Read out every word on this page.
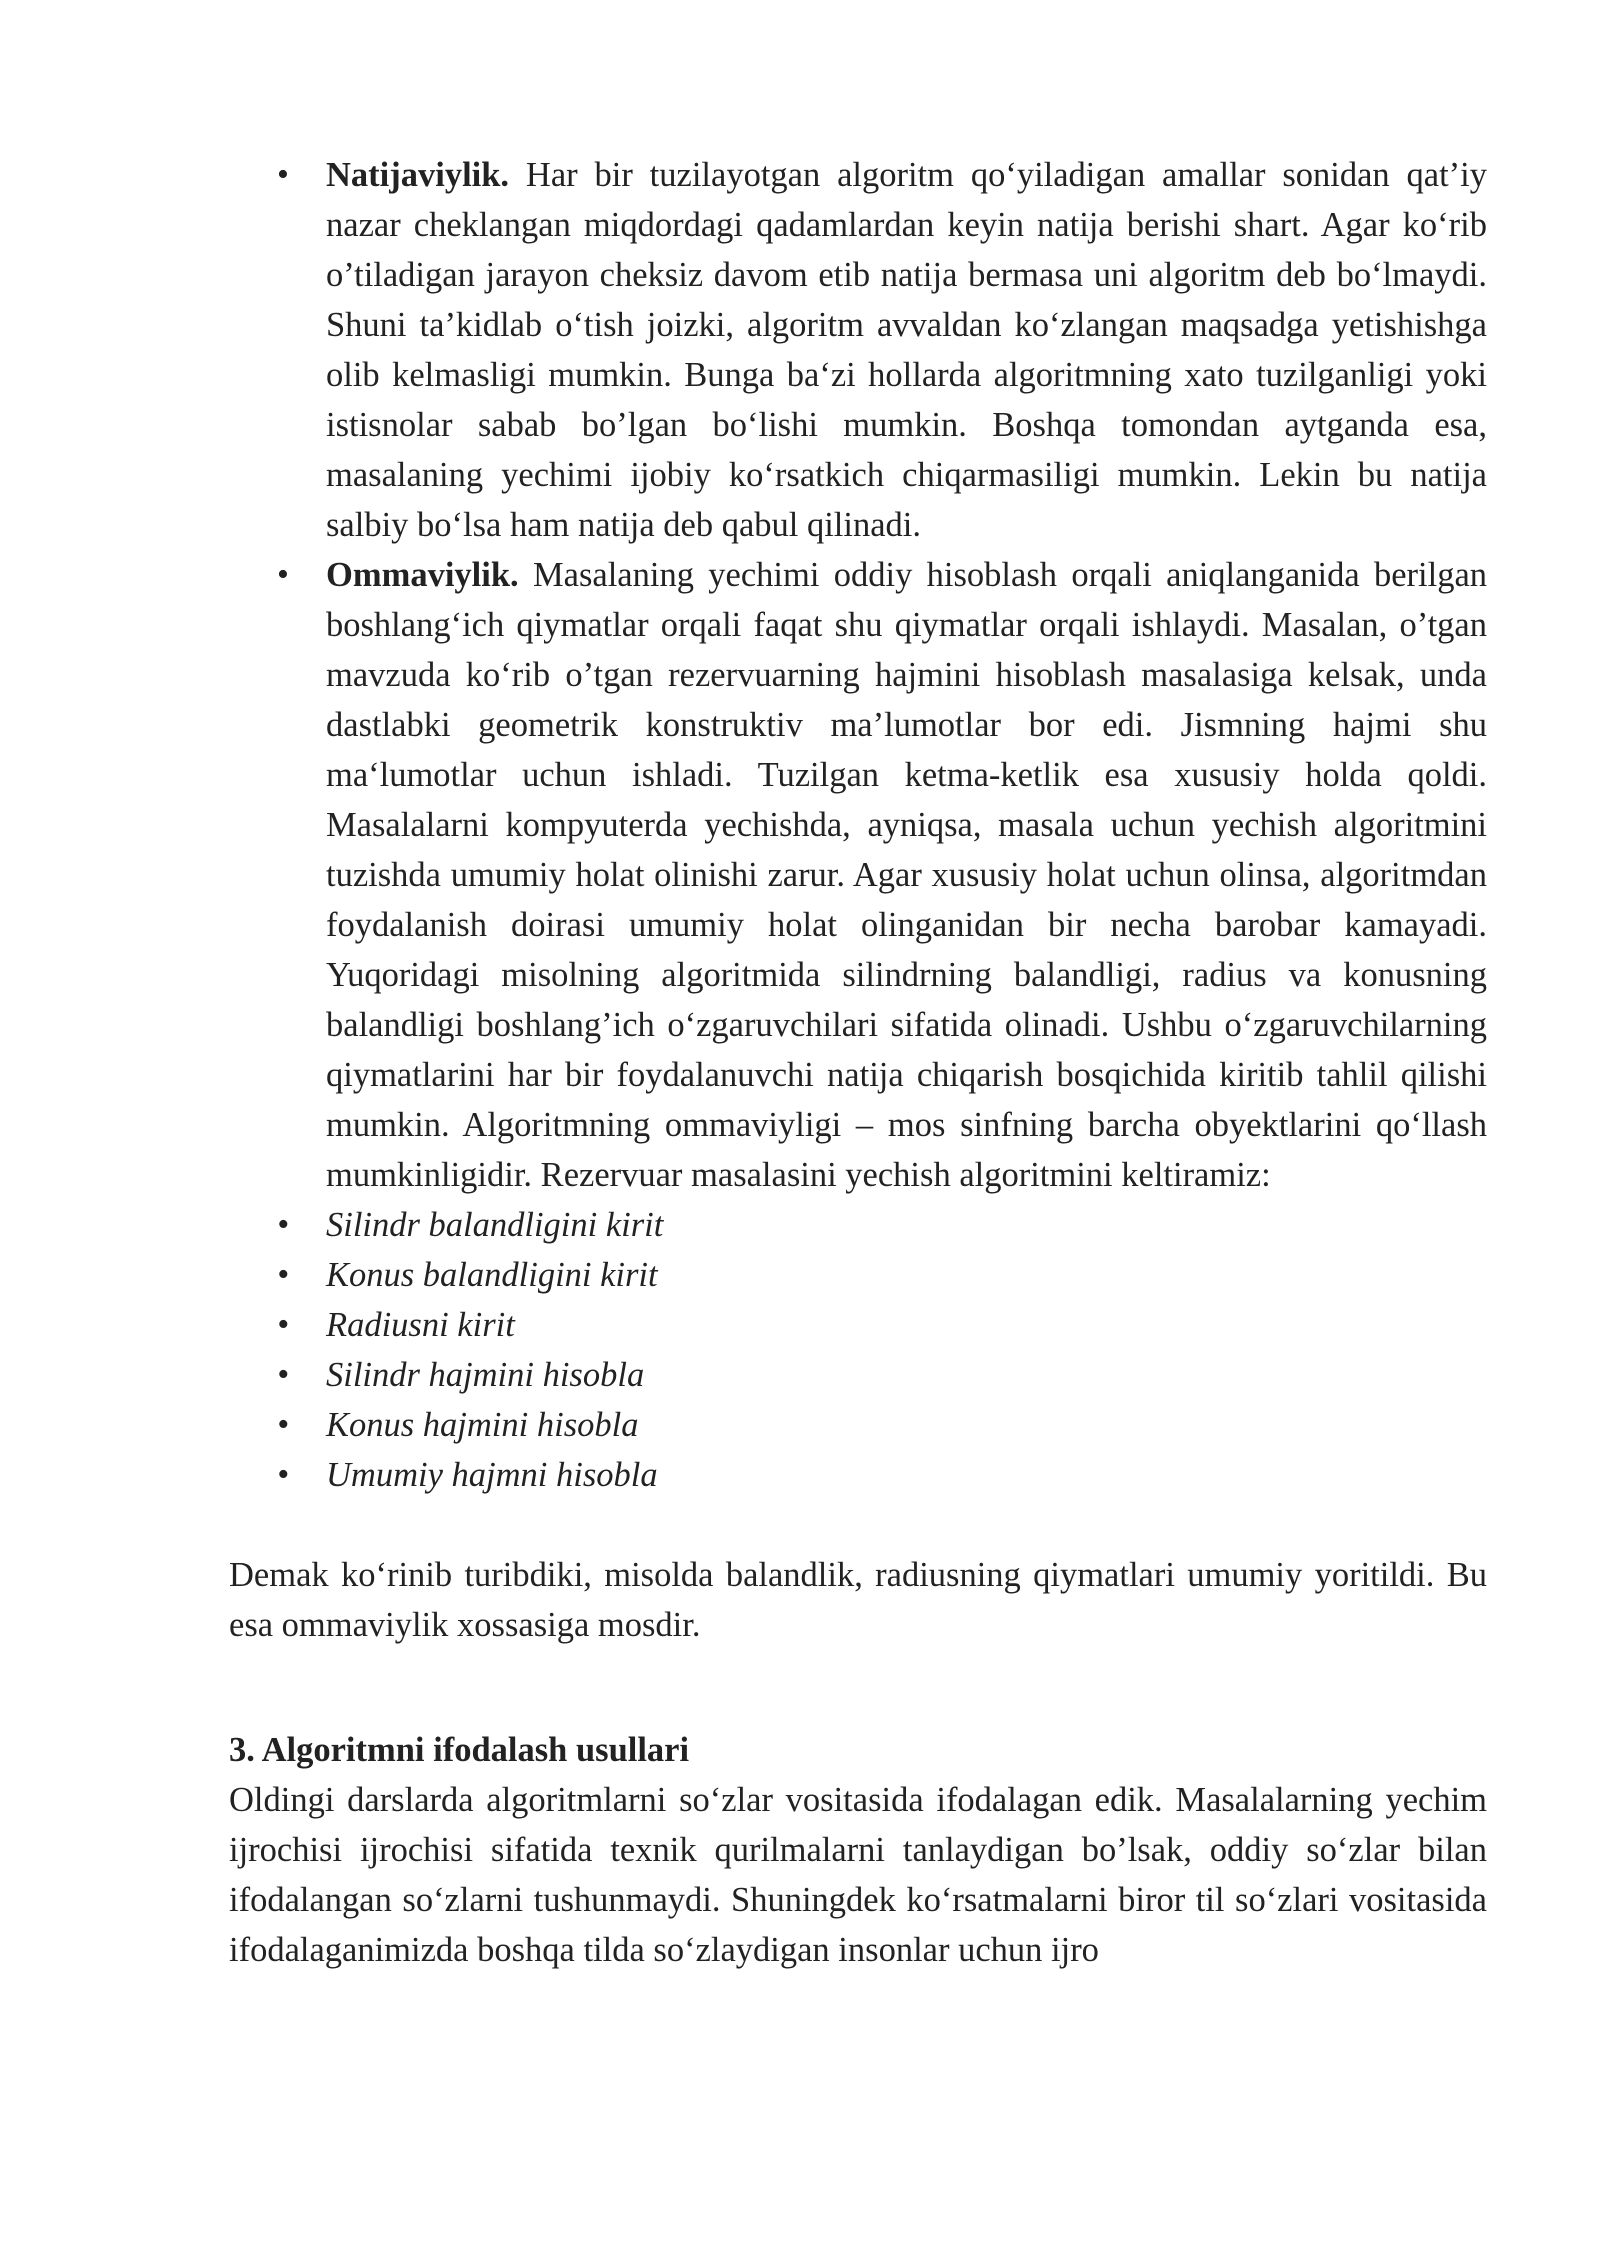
• Natijaviylik. Har bir tuzilayotgan algoritm qo‘yiladigan amallar sonidan qat’iy nazar cheklangan miqdordagi qadamlardan keyin natija berishi shart. Agar ko‘rib o’tiladigan jarayon cheksiz davom etib natija bermasa uni algoritm deb bo‘lmaydi. Shuni ta’kidlab o‘tish joizki, algoritm avvaldan ko‘zlangan maqsadga yetishishga olib kelmasligi mumkin. Bunga ba‘zi hollarda algoritmning xato tuzilganligi yoki istisnolar sabab bo’lgan bo‘lishi mumkin. Boshqa tomondan aytganda esa, masalaning yechimi ijobiy ko‘rsatkich chiqarmasiligi mumkin. Lekin bu natija salbiy bo‘lsa ham natija deb qabul qilinadi.
• Ommaviylik. Masalaning yechimi oddiy hisoblash orqali aniqlanganida berilgan boshlang‘ich qiymatlar orqali faqat shu qiymatlar orqali ishlaydi. Masalan, o’tgan mavzuda ko‘rib o’tgan rezervuarning hajmini hisoblash masalasiga kelsak, unda dastlabki geometrik konstruktiv ma’lumotlar bor edi. Jismning hajmi shu ma‘lumotlar uchun ishladi. Tuzilgan ketma-ketlik esa xususiy holda qoldi. Masalalarni kompyuterda yechishda, ayniqsa, masala uchun yechish algoritmini tuzishda umumiy holat olinishi zarur. Agar xususiy holat uchun olinsa, algoritmdan foydalanish doirasi umumiy holat olinganidan bir necha barobar kamayadi. Yuqoridagi misolning algoritmida silindrning balandligi, radius va konusning balandligi boshlang’ich o‘zgaruvchilari sifatida olinadi. Ushbu o‘zgaruvchilarning qiymatlarini har bir foydalanuvchi natija chiqarish bosqichida kiritib tahlil qilishi mumkin. Algoritmning ommaviyligi – mos sinfning barcha obyektlarini qo‘llash mumkinligidir. Rezervuar masalasini yechish algoritmini keltiramiz:
• Silindr balandligini kirit
• Konus balandligini kirit
• Radiusni kirit
• Silindr hajmini hisobla
• Konus hajmini hisobla
• Umumiy hajmni hisobla

Demak ko‘rinib turibdiki, misolda balandlik, radiusning qiymatlari umumiy yoritildi. Bu esa ommaviylik xossasiga mosdir.

3. Algoritmni ifodalash usullari

Oldingi darslarda algoritmlarni so‘zlar vositasida ifodalagan edik. Masalalarning yechim ijrochisi ijrochisi sifatida texnik qurilmalarni tanlaydigan bo’lsak, oddiy so‘zlar bilan ifodalangan so‘zlarni tushunmaydi. Shuningdek ko‘rsatmalarni biror til so‘zlari vositasida ifodalaganimizda boshqa tilda so‘zlaydigan insonlar uchun ijro
